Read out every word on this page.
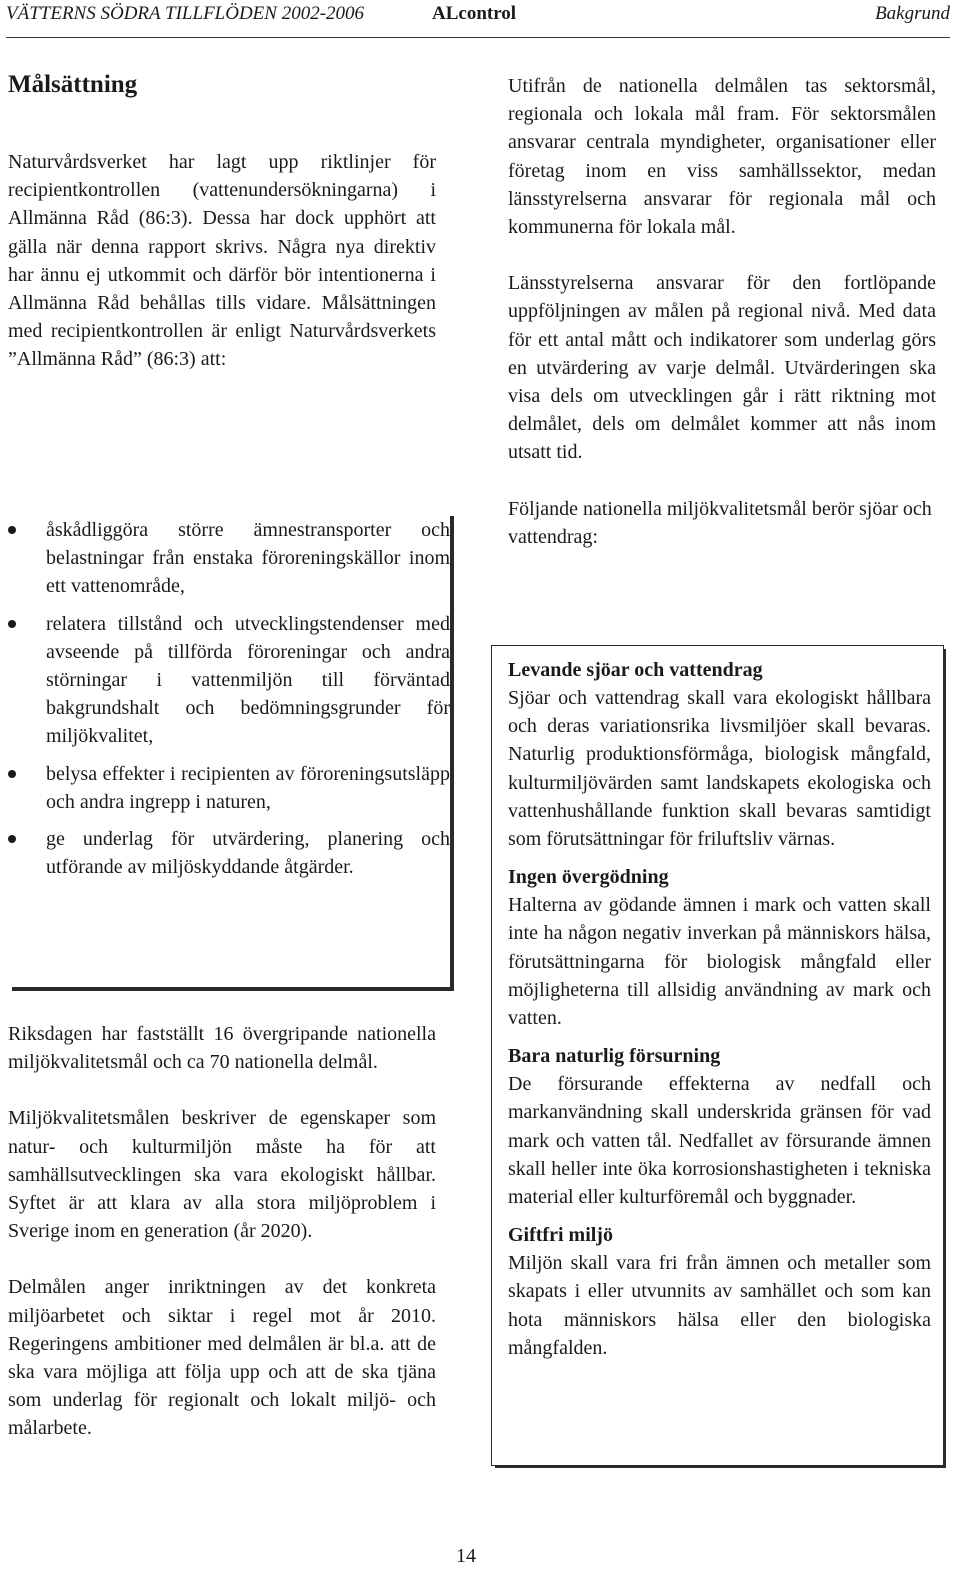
VÄTTERNS SÖDRA TILLFLÖDEN 2002-2006	ALcontrol	Bakgrund
Målsättning

Naturvårdsverket har lagt upp riktlinjer för recipientkontrollen (vattenundersökningarna) i Allmänna Råd (86:3). Dessa har dock upphört att gälla när denna rapport skrivs. Några nya direktiv har ännu ej utkommit och därför bör intentionerna i Allmänna Råd behållas tills vidare. Målsättningen med recipientkontrollen är enligt Naturvårdsverkets ”Allmänna Råd” (86:3) att:

åskådliggöra större ämnestransporter och belastningar från enstaka föroreningskällor inom ett vattenområde,
relatera tillstånd och utvecklingstendenser med avseende på tillförda föroreningar och andra störningar i vattenmiljön till förväntad bakgrundshalt och bedömningsgrunder för miljökvalitet,
belysa effekter i recipienten av föroreningsutsläpp och andra ingrepp i naturen,
ge underlag för utvärdering, planering och utförande av miljöskyddande åtgärder.

Riksdagen har fastställt 16 övergripande nationella miljökvalitetsmål och ca 70 nationella delmål.

Miljökvalitetsmålen beskriver de egenskaper som natur- och kulturmiljön måste ha för att samhällsutvecklingen ska vara ekologiskt hållbar. Syftet är att klara av alla stora miljöproblem i Sverige inom en generation (år 2020).

Delmålen anger inriktningen av det konkreta miljöarbetet och siktar i regel mot år 2010. Regeringens ambitioner med delmålen är bl.a. att de ska vara möjliga att följa upp och att de ska tjäna som underlag för regionalt och lokalt miljö- och målarbete.

Utifrån de nationella delmålen tas sektorsmål, regionala och lokala mål fram. För sektorsmålen ansvarar centrala myndigheter, organisationer eller företag inom en viss samhällssektor, medan länsstyrelserna ansvarar för regionala mål och kommunerna för lokala mål.

Länsstyrelserna ansvarar för den fortlöpande uppföljningen av målen på regional nivå. Med data för ett antal mått och indikatorer som underlag görs en utvärdering av varje delmål. Utvärderingen ska visa dels om utvecklingen går i rätt riktning mot delmålet, dels om delmålet kommer att nås inom utsatt tid.

Följande nationella miljökvalitetsmål berör sjöar och vattendrag:

Levande sjöar och vattendrag

Sjöar och vattendrag skall vara ekologiskt hållbara och deras variationsrika livsmiljöer skall bevaras. Naturlig produktionsförmåga, biologisk mångfald, kulturmiljövärden samt landskapets ekologiska och vattenhushållande funktion skall bevaras samtidigt som förutsättningar för friluftsliv värnas.

Ingen övergödning

Halterna av gödande ämnen i mark och vatten skall inte ha någon negativ inverkan på människors hälsa, förutsättningarna för biologisk mångfald eller möjligheterna till allsidig användning av mark och vatten.

Bara naturlig försurning

De försurande effekterna av nedfall och markanvändning skall underskrida gränsen för vad mark och vatten tål. Nedfallet av försurande ämnen skall heller inte öka korrosionshastigheten i tekniska material eller kulturföremål och byggnader.

Giftfri miljö

Miljön skall vara fri från ämnen och metaller som skapats i eller utvunnits av samhället och som kan hota människors hälsa eller den biologiska mångfalden.

14
